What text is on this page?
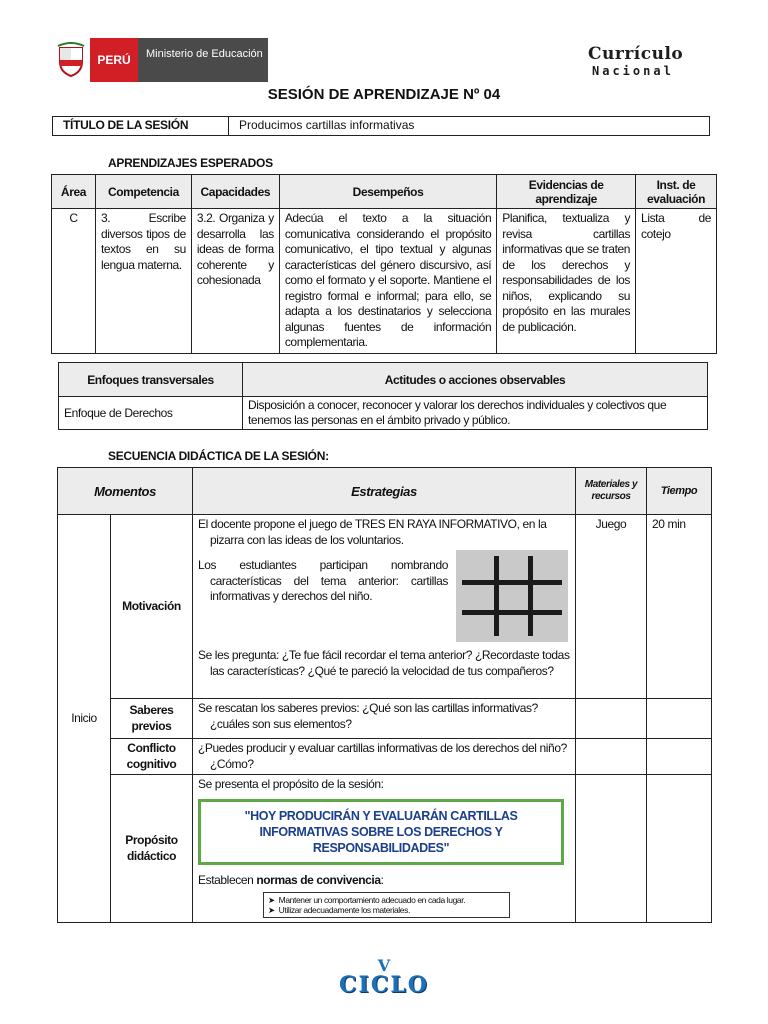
PERÚ	Ministerio de Educación	Currículo
Nacional
SESIÓN DE APRENDIZAJE Nº 04
TÍTULO DE LA SESIÓN	Producimos cartillas informativas
APRENDIZAJES ESPERADOS
Área	Competencia	Capacidades	Desempeños	Evidencias de aprendizaje	Inst. de evaluación
C	3. Escribe diversos tipos de textos en su lengua materna.	3.2. Organiza y desarrolla las ideas de forma coherente y cohesionada	Adecúa el texto a la situación comunicativa considerando el propósito comunicativo, el tipo textual y algunas características del género discursivo, así como el formato y el soporte. Mantiene el registro formal e informal; para ello, se adapta a los destinatarios y selecciona algunas fuentes de información complementaria.	Planifica, textualiza y revisa cartillas informativas que se traten de los derechos y responsabilidades de los niños, explicando su propósito en las murales de publicación.	Lista de cotejo
Enfoques transversales	Actitudes o acciones observables
Enfoque de Derechos	Disposición a conocer, reconocer y valorar los derechos individuales y colectivos que tenemos las personas en el ámbito privado y público.
SECUENCIA DIDÁCTICA DE LA SESIÓN:
Momentos		Estrategias	Materiales y recursos	Tiempo
Inicio	Motivación	El docente propone el juego de TRES EN RAYA INFORMATIVO, en la pizarra con las ideas de los voluntarios.
Los estudiantes participan nombrando características del tema anterior: cartillas informativas y derechos del niño.
Se les pregunta: ¿Te fue fácil recordar el tema anterior? ¿Recordaste todas las características? ¿Qué te pareció la velocidad de tus compañeros?	Juego	20 min
	Saberes previos	Se rescatan los saberes previos: ¿Qué son las cartillas informativas? ¿cuáles son sus elementos?		
	Conflicto cognitivo	¿Puedes producir y evaluar cartillas informativas de los derechos del niño? ¿Cómo?		
	Propósito didáctico	Se presenta el propósito de la sesión:
"HOY PRODUCIRÁN Y EVALUARÁN CARTILLAS INFORMATIVAS SOBRE LOS DERECHOS Y RESPONSABILIDADES"
Establecen normas de convivencia:
➤  Mantener un comportamiento adecuado en cada lugar.
➤  Utilizar adecuadamente los materiales.		

V
CICLO
